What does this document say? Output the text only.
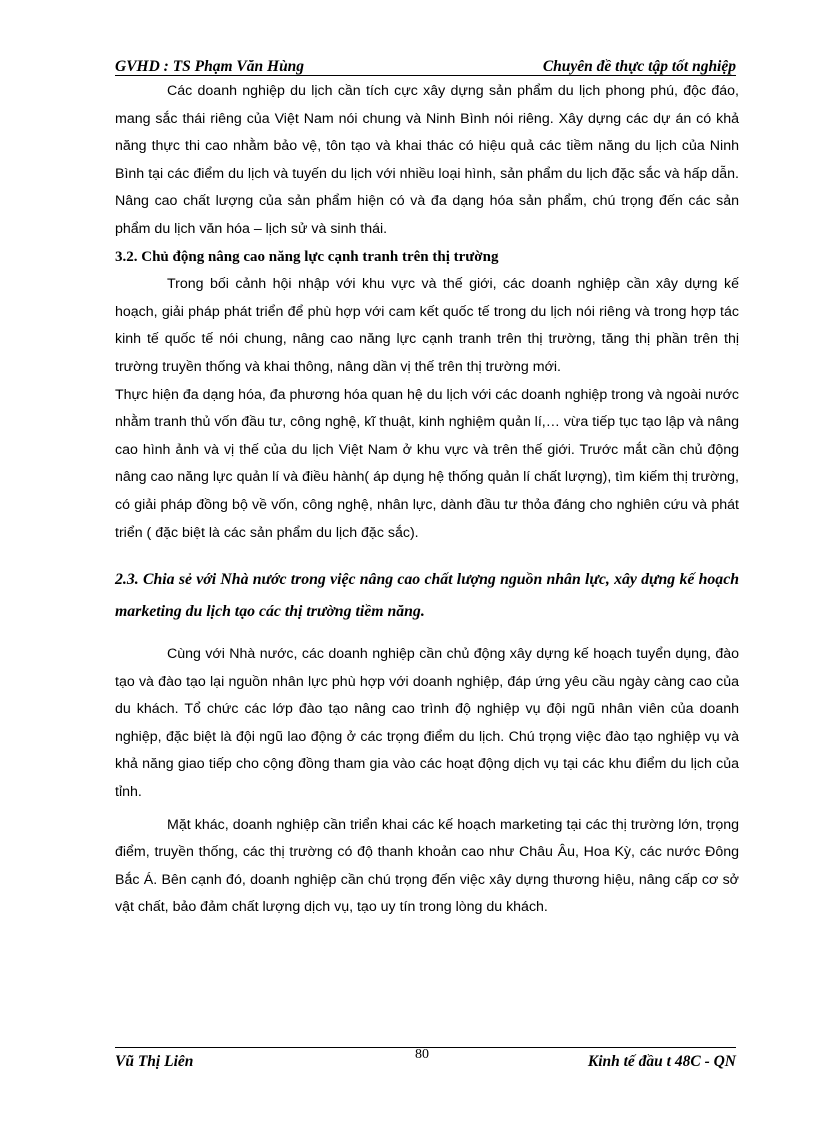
GVHD : TS Phạm Văn Hùng	Chuyên đề thực tập tốt nghiệp

Các doanh nghiệp du lịch cần tích cực xây dựng sản phẩm du lịch phong phú, độc đáo, mang sắc thái riêng của Việt Nam nói chung và Ninh Bình nói riêng. Xây dựng các dự án có khả năng thực thi cao nhằm bảo vệ, tôn tạo và khai thác có hiệu quả các tiềm năng du lịch của Ninh Bình tại các điểm du lịch và tuyến du lịch với nhiều loại hình, sản phẩm du lịch đặc sắc và hấp dẫn. Nâng cao chất lượng của sản phẩm hiện có và đa dạng hóa sản phẩm, chú trọng đến các sản phẩm du lịch văn hóa – lịch sử và sinh thái.

3.2. Chủ động nâng cao năng lực cạnh tranh trên thị trường

Trong bối cảnh hội nhập với khu vực và thế giới, các doanh nghiệp cần xây dựng kế hoạch, giải pháp phát triển để phù hợp với cam kết quốc tế trong du lịch nói riêng và trong hợp tác kinh tế quốc tế nói chung, nâng cao năng lực cạnh tranh trên thị trường, tăng thị phần trên thị trường truyền thống và khai thông, nâng dần vị thế trên thị trường mới.

Thực hiện đa dạng hóa, đa phương hóa quan hệ du lịch với các doanh nghiệp trong và ngoài nước nhằm tranh thủ vốn đầu tư, công nghệ, kĩ thuật, kinh nghiệm quản lí,… vừa tiếp tục tạo lập và nâng cao hình ảnh và vị thế của du lịch Việt Nam ở khu vực và trên thế giới. Trước mắt cần chủ động nâng cao năng lực quản lí và điều hành( áp dụng hệ thống quản lí chất lượng), tìm kiếm thị trường, có giải pháp đồng bộ về vốn, công nghệ, nhân lực, dành đầu tư thỏa đáng cho nghiên cứu và phát triển ( đặc biệt là các sản phẩm du lịch đặc sắc).

2.3. Chia sẻ với Nhà nước trong việc nâng cao chất lượng nguồn nhân lực, xây dựng kế hoạch marketing du lịch tạo các thị trường tiềm năng.

Cùng với Nhà nước, các doanh nghiệp cần chủ động xây dựng kế hoạch tuyển dụng, đào tạo và đào tạo lại nguồn nhân lực phù hợp với doanh nghiệp, đáp ứng yêu cầu ngày càng cao của du khách. Tổ chức các lớp đào tạo nâng cao trình độ nghiệp vụ đội ngũ nhân viên của doanh nghiệp, đặc biệt là đội ngũ lao động ở các trọng điểm du lịch. Chú trọng việc đào tạo nghiệp vụ và khả năng giao tiếp cho cộng đồng tham gia vào các hoạt động dịch vụ tại các khu điểm du lịch của tỉnh.

Mặt khác, doanh nghiệp cần triển khai các kế hoạch marketing tại các thị trường lớn, trọng điểm, truyền thống, các thị trường có độ thanh khoản cao như Châu Âu, Hoa Kỳ, các nước Đông Bắc Á. Bên cạnh đó, doanh nghiệp cần chú trọng đến việc xây dựng thương hiệu, nâng cấp cơ sở vật chất, bảo đảm chất lượng dịch vụ, tạo uy tín trong lòng du khách.

Vũ Thị Liên	80	Kinh tế đầu t 48C - QN
